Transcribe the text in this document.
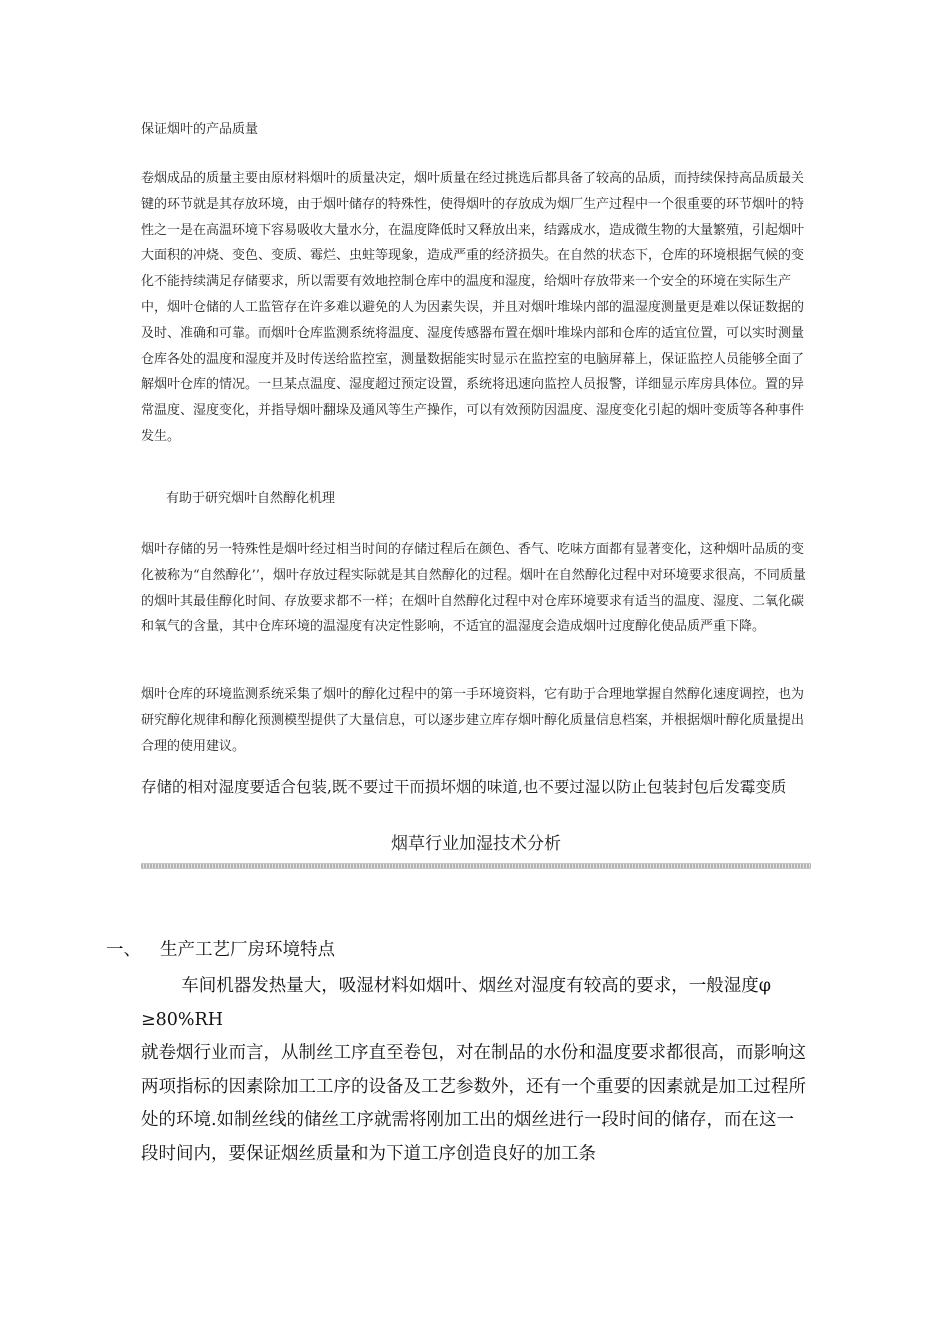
保证烟叶的产品质量

卷烟成品的质量主要由原材料烟叶的质量决定，烟叶质量在经过挑选后都具备了较高的品质，而持续保持高品质最关键的环节就是其存放环境，由于烟叶储存的特殊性，使得烟叶的存放成为烟厂生产过程中一个很重要的环节烟叶的特性之一是在高温环境下容易吸收大量水分，在温度降低时又释放出来，结露成水，造成微生物的大量繁殖，引起烟叶大面积的冲烧、变色、变质、霉烂、虫蛀等现象，造成严重的经济损失。在自然的状态下，仓库的环境根据气候的变化不能持续满足存储要求，所以需要有效地控制仓库中的温度和湿度，给烟叶存放带来一个安全的环境在实际生产中，烟叶仓储的人工监管存在许多难以避免的人为因素失误，并且对烟叶堆垛内部的温湿度测量更是难以保证数据的及时、准确和可靠。而烟叶仓库监测系统将温度、湿度传感器布置在烟叶堆垛内部和仓库的适宜位置，可以实时测量仓库各处的温度和湿度并及时传送给监控室，测量数据能实时显示在监控室的电脑屏幕上，保证监控人员能够全面了解烟叶仓库的情况。一旦某点温度、湿度超过预定设置，系统将迅速向监控人员报警，详细显示库房具体位。置的异常温度、湿度变化，并指导烟叶翻垛及通风等生产操作，可以有效预防因温度、湿度变化引起的烟叶变质等各种事件发生。

有助于研究烟叶自然醇化机理

烟叶存储的另一特殊性是烟叶经过相当时间的存储过程后在颜色、香气、吃味方面都有显著变化，这种烟叶品质的变化被称为“自然醇化’’，烟叶存放过程实际就是其自然醇化的过程。烟叶在自然醇化过程中对环境要求很高，不同质量的烟叶其最佳醇化时间、存放要求都不一样；在烟叶自然醇化过程中对仓库环境要求有适当的温度、湿度、二氧化碳和氧气的含量，其中仓库环境的温湿度有决定性影响，不适宜的温湿度会造成烟叶过度醇化使品质严重下降。

烟叶仓库的环境监测系统采集了烟叶的醇化过程中的第一手环境资料，它有助于合理地掌握自然醇化速度调控，也为研究醇化规律和醇化预测模型提供了大量信息，可以逐步建立库存烟叶醇化质量信息档案，并根据烟叶醇化质量提出合理的使用建议。

存储的相对湿度要适合包装,既不要过干而损坏烟的味道,也不要过湿以防止包装封包后发霉变质

烟草行业加湿技术分析

一、 生产工艺厂房环境特点

车间机器发热量大，吸湿材料如烟叶、烟丝对湿度有较高的要求，一般湿度φ ≥80%RH

就卷烟行业而言，从制丝工序直至卷包，对在制品的水份和温度要求都很高，而影响这两项指标的因素除加工工序的设备及工艺参数外，还有一个重要的因素就是加工过程所处的环境.如制丝线的储丝工序就需将刚加工出的烟丝进行一段时间的储存，而在这一段时间内，要保证烟丝质量和为下道工序创造良好的加工条
